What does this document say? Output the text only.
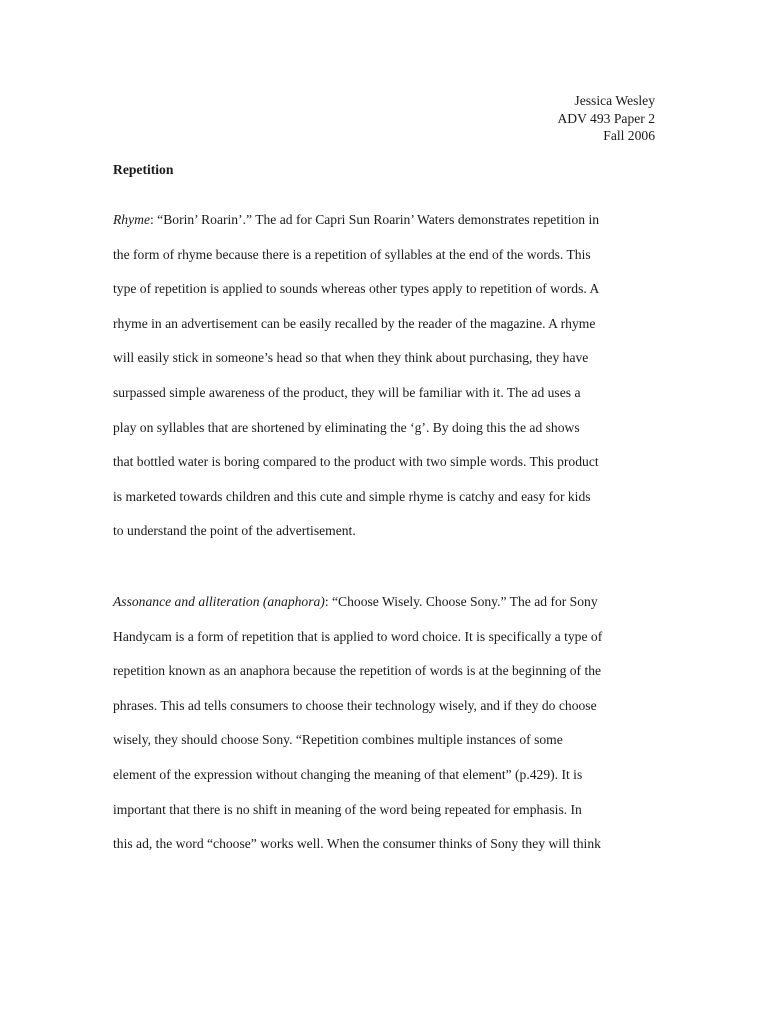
Jessica Wesley
ADV 493 Paper 2
Fall 2006
Repetition
Rhyme: “Borin’ Roarin’.” The ad for Capri Sun Roarin’ Waters demonstrates repetition in
the form of rhyme because there is a repetition of syllables at the end of the words. This
type of repetition is applied to sounds whereas other types apply to repetition of words. A
rhyme in an advertisement can be easily recalled by the reader of the magazine. A rhyme
will easily stick in someone’s head so that when they think about purchasing, they have
surpassed simple awareness of the product, they will be familiar with it. The ad uses a
play on syllables that are shortened by eliminating the ‘g’. By doing this the ad shows
that bottled water is boring compared to the product with two simple words. This product
is marketed towards children and this cute and simple rhyme is catchy and easy for kids
to understand the point of the advertisement.
Assonance and alliteration (anaphora): “Choose Wisely. Choose Sony.” The ad for Sony
Handycam is a form of repetition that is applied to word choice. It is specifically a type of
repetition known as an anaphora because the repetition of words is at the beginning of the
phrases. This ad tells consumers to choose their technology wisely, and if they do choose
wisely, they should choose Sony. “Repetition combines multiple instances of some
element of the expression without changing the meaning of that element” (p.429). It is
important that there is no shift in meaning of the word being repeated for emphasis. In
this ad, the word “choose” works well. When the consumer thinks of Sony they will think
